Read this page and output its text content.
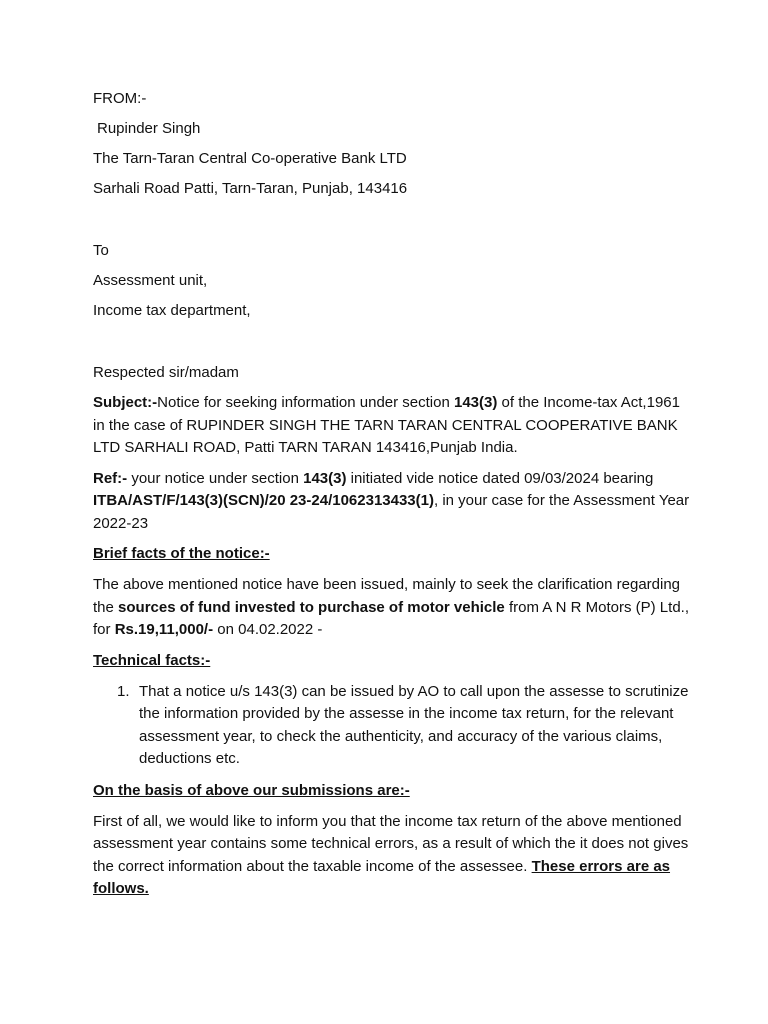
FROM:-
Rupinder Singh
The Tarn-Taran Central Co-operative Bank LTD
Sarhali Road Patti, Tarn-Taran, Punjab, 143416
To
Assessment unit,
Income tax department,
Respected sir/madam
Subject:-Notice for seeking information under section 143(3) of the Income-tax Act,1961 in the case of RUPINDER SINGH THE TARN TARAN CENTRAL COOPERATIVE BANK LTD SARHALI ROAD, Patti TARN TARAN 143416,Punjab India.
Ref:- your notice under section 143(3) initiated vide notice dated 09/03/2024 bearing ITBA/AST/F/143(3)(SCN)/20 23-24/1062313433(1), in your case for the Assessment Year 2022-23
Brief facts of the notice:-
The above mentioned notice have been issued, mainly to seek the clarification regarding the sources of fund invested to purchase of motor vehicle from A N R Motors (P) Ltd., for Rs.19,11,000/- on 04.02.2022 -
Technical facts:-
1. That a notice u/s 143(3) can be issued by AO to call upon the assesse to scrutinize the information provided by the assesse in the income tax return, for the relevant assessment year, to check the authenticity, and accuracy of the various claims, deductions etc.
On the basis of above our submissions are:-
First of all, we would like to inform you that the income tax return of the above mentioned assessment year contains some technical errors, as a result of which the it does not gives the correct information about the taxable income of the assessee. These errors are as follows.
